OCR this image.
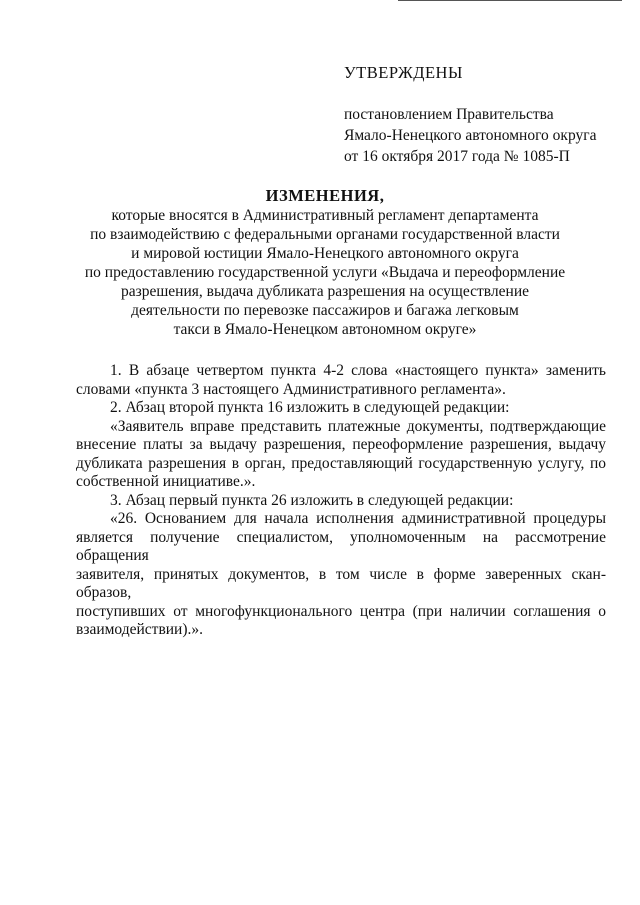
УТВЕРЖДЕНЫ
постановлением Правительства
Ямало-Ненецкого автономного округа
от 16 октября 2017 года № 1085-П
ИЗМЕНЕНИЯ,
которые вносятся в Административный регламент департамента
по взаимодействию с федеральными органами государственной власти
и мировой юстиции Ямало-Ненецкого автономного округа
по предоставлению государственной услуги «Выдача и переоформление
разрешения, выдача дубликата разрешения на осуществление
деятельности по перевозке пассажиров и багажа легковым
такси в Ямало-Ненецком автономном округе»
1. В абзаце четвертом пункта 4-2 слова «настоящего пункта» заменить
словами «пункта 3 настоящего Административного регламента».
2. Абзац второй пункта 16 изложить в следующей редакции:
«Заявитель вправе представить платежные документы, подтверждающие
внесение платы за выдачу разрешения, переоформление разрешения, выдачу
дубликата разрешения в орган, предоставляющий государственную услугу, по
собственной инициативе.».
3. Абзац первый пункта 26 изложить в следующей редакции:
«26. Основанием для начала исполнения административной процедуры
является получение специалистом, уполномоченным на рассмотрение обращения
заявителя, принятых документов, в том числе в форме заверенных скан-образов,
поступивших от многофункционального центра (при наличии соглашения о
взаимодействии).».
